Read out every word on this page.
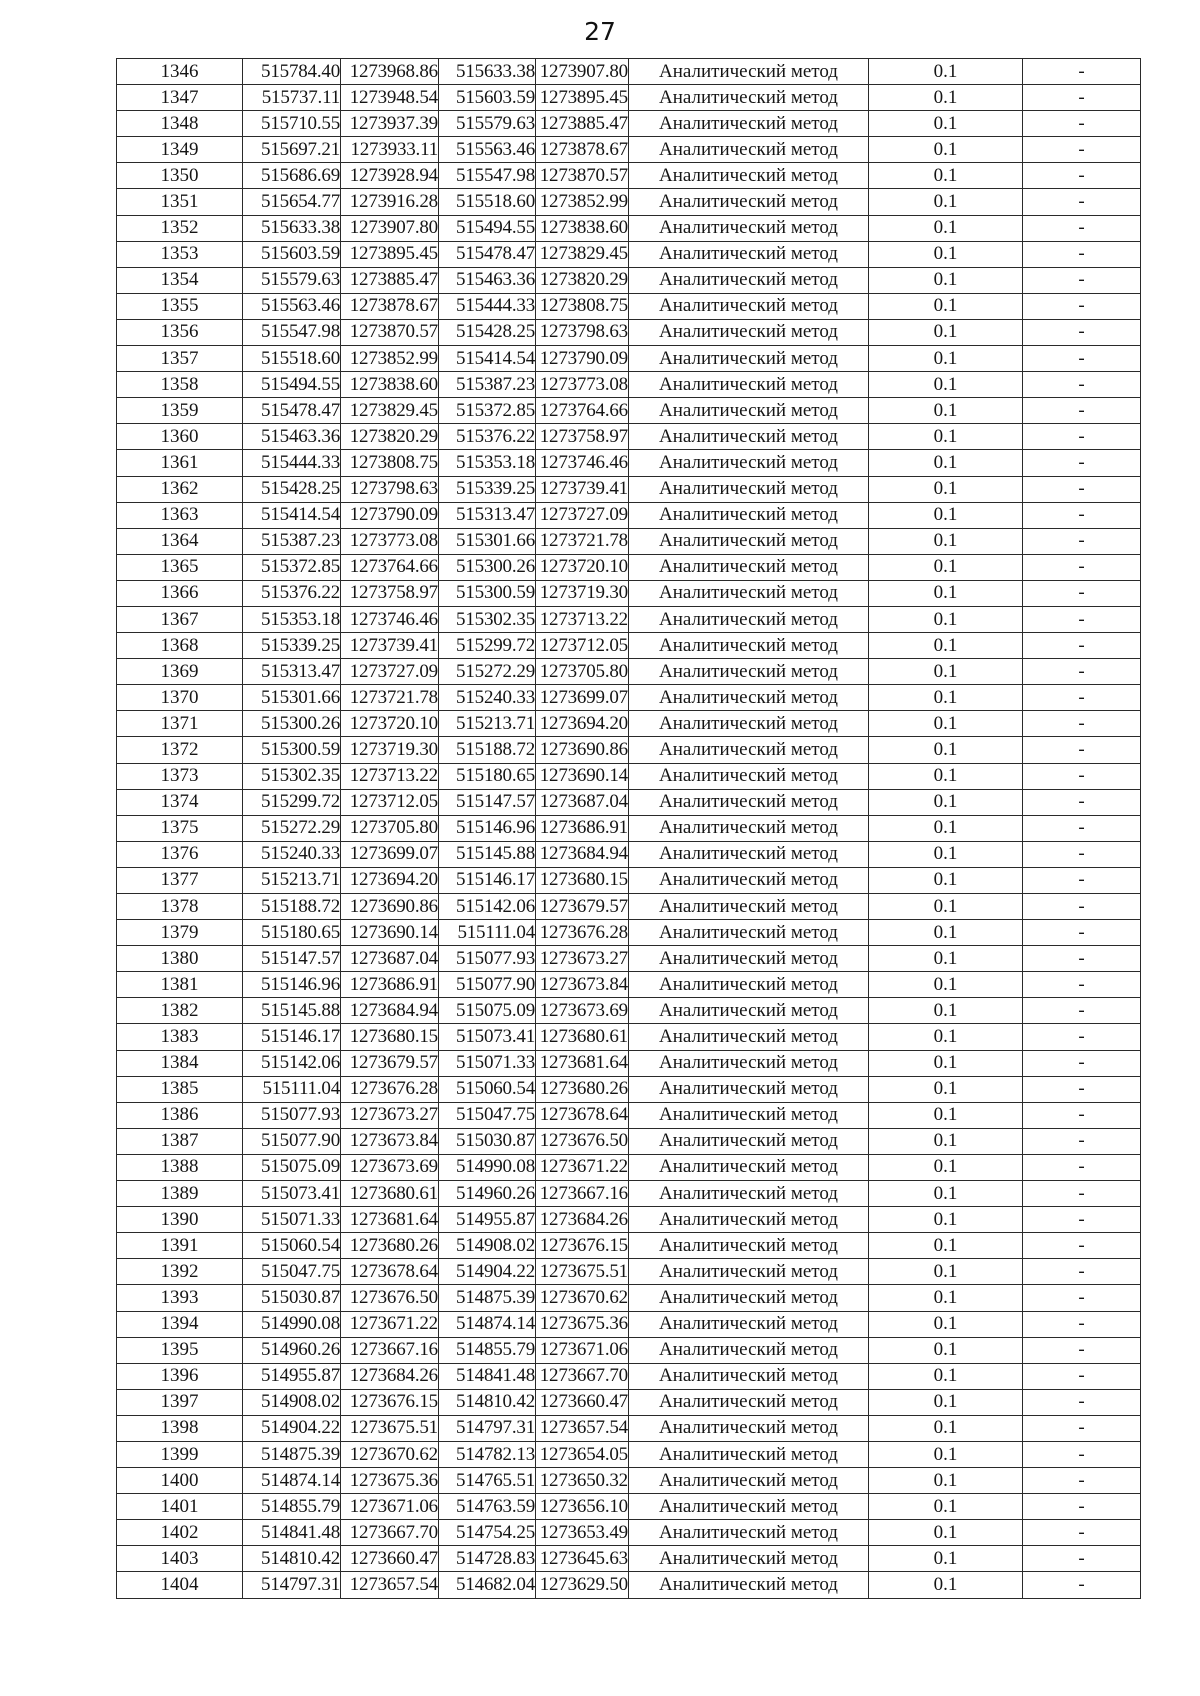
27
1346	515784.40	1273968.86	515633.38	1273907.80	Аналитический метод	0.1	-
1347	515737.11	1273948.54	515603.59	1273895.45	Аналитический метод	0.1	-
1348	515710.55	1273937.39	515579.63	1273885.47	Аналитический метод	0.1	-
1349	515697.21	1273933.11	515563.46	1273878.67	Аналитический метод	0.1	-
1350	515686.69	1273928.94	515547.98	1273870.57	Аналитический метод	0.1	-
1351	515654.77	1273916.28	515518.60	1273852.99	Аналитический метод	0.1	-
1352	515633.38	1273907.80	515494.55	1273838.60	Аналитический метод	0.1	-
1353	515603.59	1273895.45	515478.47	1273829.45	Аналитический метод	0.1	-
1354	515579.63	1273885.47	515463.36	1273820.29	Аналитический метод	0.1	-
1355	515563.46	1273878.67	515444.33	1273808.75	Аналитический метод	0.1	-
1356	515547.98	1273870.57	515428.25	1273798.63	Аналитический метод	0.1	-
1357	515518.60	1273852.99	515414.54	1273790.09	Аналитический метод	0.1	-
1358	515494.55	1273838.60	515387.23	1273773.08	Аналитический метод	0.1	-
1359	515478.47	1273829.45	515372.85	1273764.66	Аналитический метод	0.1	-
1360	515463.36	1273820.29	515376.22	1273758.97	Аналитический метод	0.1	-
1361	515444.33	1273808.75	515353.18	1273746.46	Аналитический метод	0.1	-
1362	515428.25	1273798.63	515339.25	1273739.41	Аналитический метод	0.1	-
1363	515414.54	1273790.09	515313.47	1273727.09	Аналитический метод	0.1	-
1364	515387.23	1273773.08	515301.66	1273721.78	Аналитический метод	0.1	-
1365	515372.85	1273764.66	515300.26	1273720.10	Аналитический метод	0.1	-
1366	515376.22	1273758.97	515300.59	1273719.30	Аналитический метод	0.1	-
1367	515353.18	1273746.46	515302.35	1273713.22	Аналитический метод	0.1	-
1368	515339.25	1273739.41	515299.72	1273712.05	Аналитический метод	0.1	-
1369	515313.47	1273727.09	515272.29	1273705.80	Аналитический метод	0.1	-
1370	515301.66	1273721.78	515240.33	1273699.07	Аналитический метод	0.1	-
1371	515300.26	1273720.10	515213.71	1273694.20	Аналитический метод	0.1	-
1372	515300.59	1273719.30	515188.72	1273690.86	Аналитический метод	0.1	-
1373	515302.35	1273713.22	515180.65	1273690.14	Аналитический метод	0.1	-
1374	515299.72	1273712.05	515147.57	1273687.04	Аналитический метод	0.1	-
1375	515272.29	1273705.80	515146.96	1273686.91	Аналитический метод	0.1	-
1376	515240.33	1273699.07	515145.88	1273684.94	Аналитический метод	0.1	-
1377	515213.71	1273694.20	515146.17	1273680.15	Аналитический метод	0.1	-
1378	515188.72	1273690.86	515142.06	1273679.57	Аналитический метод	0.1	-
1379	515180.65	1273690.14	515111.04	1273676.28	Аналитический метод	0.1	-
1380	515147.57	1273687.04	515077.93	1273673.27	Аналитический метод	0.1	-
1381	515146.96	1273686.91	515077.90	1273673.84	Аналитический метод	0.1	-
1382	515145.88	1273684.94	515075.09	1273673.69	Аналитический метод	0.1	-
1383	515146.17	1273680.15	515073.41	1273680.61	Аналитический метод	0.1	-
1384	515142.06	1273679.57	515071.33	1273681.64	Аналитический метод	0.1	-
1385	515111.04	1273676.28	515060.54	1273680.26	Аналитический метод	0.1	-
1386	515077.93	1273673.27	515047.75	1273678.64	Аналитический метод	0.1	-
1387	515077.90	1273673.84	515030.87	1273676.50	Аналитический метод	0.1	-
1388	515075.09	1273673.69	514990.08	1273671.22	Аналитический метод	0.1	-
1389	515073.41	1273680.61	514960.26	1273667.16	Аналитический метод	0.1	-
1390	515071.33	1273681.64	514955.87	1273684.26	Аналитический метод	0.1	-
1391	515060.54	1273680.26	514908.02	1273676.15	Аналитический метод	0.1	-
1392	515047.75	1273678.64	514904.22	1273675.51	Аналитический метод	0.1	-
1393	515030.87	1273676.50	514875.39	1273670.62	Аналитический метод	0.1	-
1394	514990.08	1273671.22	514874.14	1273675.36	Аналитический метод	0.1	-
1395	514960.26	1273667.16	514855.79	1273671.06	Аналитический метод	0.1	-
1396	514955.87	1273684.26	514841.48	1273667.70	Аналитический метод	0.1	-
1397	514908.02	1273676.15	514810.42	1273660.47	Аналитический метод	0.1	-
1398	514904.22	1273675.51	514797.31	1273657.54	Аналитический метод	0.1	-
1399	514875.39	1273670.62	514782.13	1273654.05	Аналитический метод	0.1	-
1400	514874.14	1273675.36	514765.51	1273650.32	Аналитический метод	0.1	-
1401	514855.79	1273671.06	514763.59	1273656.10	Аналитический метод	0.1	-
1402	514841.48	1273667.70	514754.25	1273653.49	Аналитический метод	0.1	-
1403	514810.42	1273660.47	514728.83	1273645.63	Аналитический метод	0.1	-
1404	514797.31	1273657.54	514682.04	1273629.50	Аналитический метод	0.1	-
